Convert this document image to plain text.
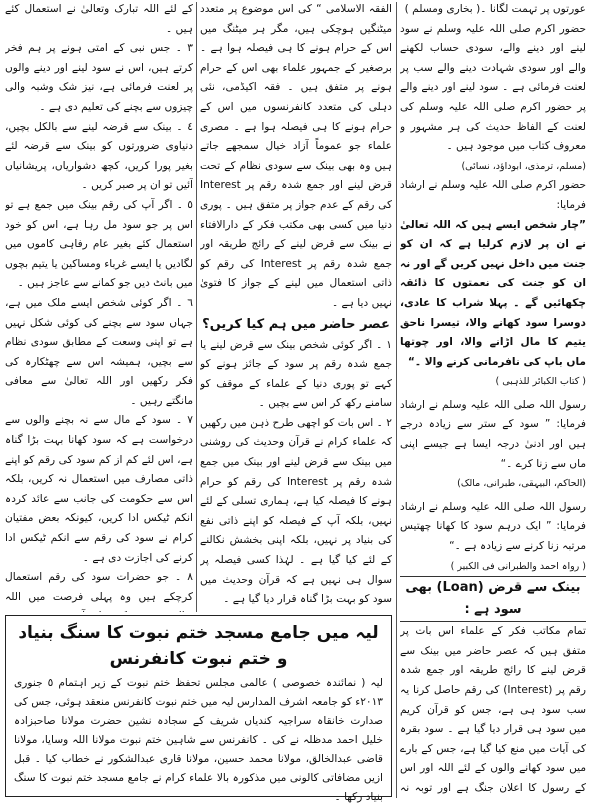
عورتوں پر تہمت لگانا ۔( بخاری ومسلم )

حضور اکرم صلی اللہ علیہ وسلم نے سود لینے اور دینے والے، سودی حساب لکھنے والے اور سودی شہادت دینے والے سب پر لعنت فرمائی ہے ۔ سود لینے اور دینے والے پر حضور اکرم صلی اللہ علیہ وسلم کی لعنت کے الفاظ حدیث کی ہر مشہور و معروف کتاب میں موجود ہیں ۔

(مسلم، ترمذی، ابوداؤد، نسائی)

حضور اکرم صلی اللہ علیہ وسلم نے ارشاد فرمایا:

”چار شخص ایسے ہیں کہ اللہ تعالیٰ نے ان پر لازم کرلیا ہے کہ ان کو جنت میں داخل نہیں کریں گے اور نہ ان کو جنت کی نعمتوں کا ذائقہ چکھائیں گے ۔ پہلا شراب کا عادی، دوسرا سود کھانے والا، تیسرا ناحق یتیم کا مال اڑانے والا، اور چوتھا ماں باپ کی نافرمانی کرنے والا ۔“

( کتاب الکبائر للذہبی )

رسول اللہ صلی اللہ علیہ وسلم نے ارشاد فرمایا: ” سود کے ستر سے زیادہ درجے ہیں اور ادنیٰ درجہ ایسا ہے جیسے اپنی ماں سے زنا کرے ۔“

(الحاکم، البیہقی، طبرانی، مالک)

رسول اللہ صلی اللہ علیہ وسلم نے ارشاد فرمایا: ” ایک درہم سود کا کھانا چھتیس مرتبہ زنا کرنے سے زیادہ ہے ۔“

( رواہ احمد والطبرانی فی الکبیر )

بینک سے قرض (Loan) بھی سود ہے :

تمام مکاتب فکر کے علماء اس بات پر متفق ہیں کہ عصر حاضر میں بینک سے قرض لینے کا رائج طریقہ اور جمع شدہ رقم پر (Interest) کی رقم حاصل کرنا یہ سب سود ہی ہے، جس کو قرآن کریم میں سود ہی قرار دیا گیا ہے ۔ سود بقرہ کی آیات میں منع کیا گیا ہے، جس کے بارے میں سود کھانے والوں کے لئے اللہ اور اس کے رسول کا اعلان جنگ ہے اور توبہ نہ

الفقہ الاسلامی “ کی اس موضوع پر متعدد میٹنگیں ہوچکی ہیں، مگر ہر میٹنگ میں اس کے حرام ہونے کا ہی فیصلہ ہوا ہے ۔ برصغیر کے جمہور علماء بھی اس کے حرام ہونے پر متفق ہیں ۔ فقہ اکیڈمی، نئی دہلی کی متعدد کانفرنسوں میں اس کے حرام ہونے کا ہی فیصلہ ہوا ہے ۔ مصری علماء جو عموماً آزاد خیال سمجھے جاتے ہیں وہ بھی بینک سے سودی نظام کے تحت قرض لینے اور جمع شدہ رقم پر Interest کی رقم کے عدم جواز پر متفق ہیں ۔ پوری دنیا میں کسی بھی مکتب فکر کے دارالافتاء نے بینک سے قرض لینے کے رائج طریقہ اور جمع شدہ رقم پر Interest کی رقم کو ذاتی استعمال میں لینے کے جواز کا فتویٰ نہیں دیا ہے ۔

عصر حاضر میں ہم کیا کریں؟

١ ۔ اگر کوئی شخص بینک سے قرض لینے یا جمع شدہ رقم پر سود کے جائز ہونے کو کہے تو پوری دنیا کے علماء کے موقف کو سامنے رکھ کر اس سے بچیں ۔

٢ ۔ اس بات کو اچھی طرح ذہن میں رکھیں کہ علماء کرام نے قرآن وحدیث کی روشنی میں بینک سے قرض لینے اور بینک میں جمع شدہ رقم پر Interest کی رقم کو حرام ہونے کا فیصلہ کیا ہے، ہماری تسلی کے لئے نہیں، بلکہ آپ کے فیصلہ کو اپنے ذاتی نفع کی بنیاد پر نہیں، بلکہ اپنی بخشش نکالنے کے لئے کیا گیا ہے ۔ لہٰذا کسی فیصلہ پر سوال ہی نہیں ہے کہ قرآن وحدیث میں سود کو بہت بڑا گناہ قرار دیا گیا ہے ۔

کے لئے اللہ تبارک وتعالیٰ نے استعمال کئے ہیں ۔

٣ ۔ جس نبی کے امتی ہونے پر ہم فخر کرتے ہیں، اس نے سود لینے اور دینے والوں پر لعنت فرمائی ہے، نیز شک وشبہ والی چیزوں سے بچنے کی تعلیم دی ہے ۔

٤ ۔ بینک سے قرضہ لینے سے بالکل بچیں، دنیاوی ضرورتوں کو بینک سے قرضہ لئے بغیر پورا کریں، کچھ دشواریاں، پریشانیاں آئیں تو ان پر صبر کریں ۔

٥ ۔ اگر آپ کی رقم بینک میں جمع ہے تو اس پر جو سود مل رہا ہے، اس کو خود استعمال کئے بغیر عام رفاہی کاموں میں لگادیں یا ایسے غرباء ومساکین یا یتیم بچوں میں بانٹ دیں جو کمانے سے عاجز ہیں ۔

٦ ۔ اگر کوئی شخص ایسے ملک میں ہے، جہاں سود سے بچنے کی کوئی شکل نہیں ہے تو اپنی وسعت کے مطابق سودی نظام سے بچیں، ہمیشہ اس سے چھٹکارہ کی فکر رکھیں اور اللہ تعالیٰ سے معافی مانگتے رہیں ۔

٧ ۔ سود کے مال سے نہ بچنے والوں سے درخواست ہے کہ سود کھانا بہت بڑا گناہ ہے، اس لئے کم از کم سود کی رقم کو اپنے ذاتی مصارف میں استعمال نہ کریں، بلکہ اس سے حکومت کی جانب سے عائد کردہ انکم ٹیکس ادا کریں، کیونکہ بعض مفتیان کرام نے سود کی رقم سے انکم ٹیکس ادا کرنے کی اجازت دی ہے ۔

٨ ۔ جو حضرات سود کی رقم استعمال کرچکے ہیں وہ پہلی فرصت میں اللہ

لیہ میں جامع مسجد ختم نبوت کا سنگ بنیاد و ختم نبوت کانفرنس

لیہ ( نمائندہ خصوصی ) عالمی مجلس تحفظ ختم نبوت کے زیر اہتمام ٥ جنوری ٢٠١٣ء کو جامعہ اشرف المدارس لیہ میں ختم نبوت کانفرنس منعقد ہوئی، جس کی صدارت خانقاہ سراجیہ کندیاں شریف کے سجادہ نشین حضرت مولانا صاحبزادہ خلیل احمد مدظلہ نے کی ۔ کانفرنس سے شاہین ختم نبوت مولانا اللہ وسایا، مولانا قاضی عبدالخالق، مولانا محمد حسین، مولانا قاری عبدالشکور نے خطاب کیا ۔ قبل ازیں مضافاتی کالونی میں مذکورہ بالا علماء کرام نے جامع مسجد ختم نبوت کا سنگ بنیاد رکھا ۔
